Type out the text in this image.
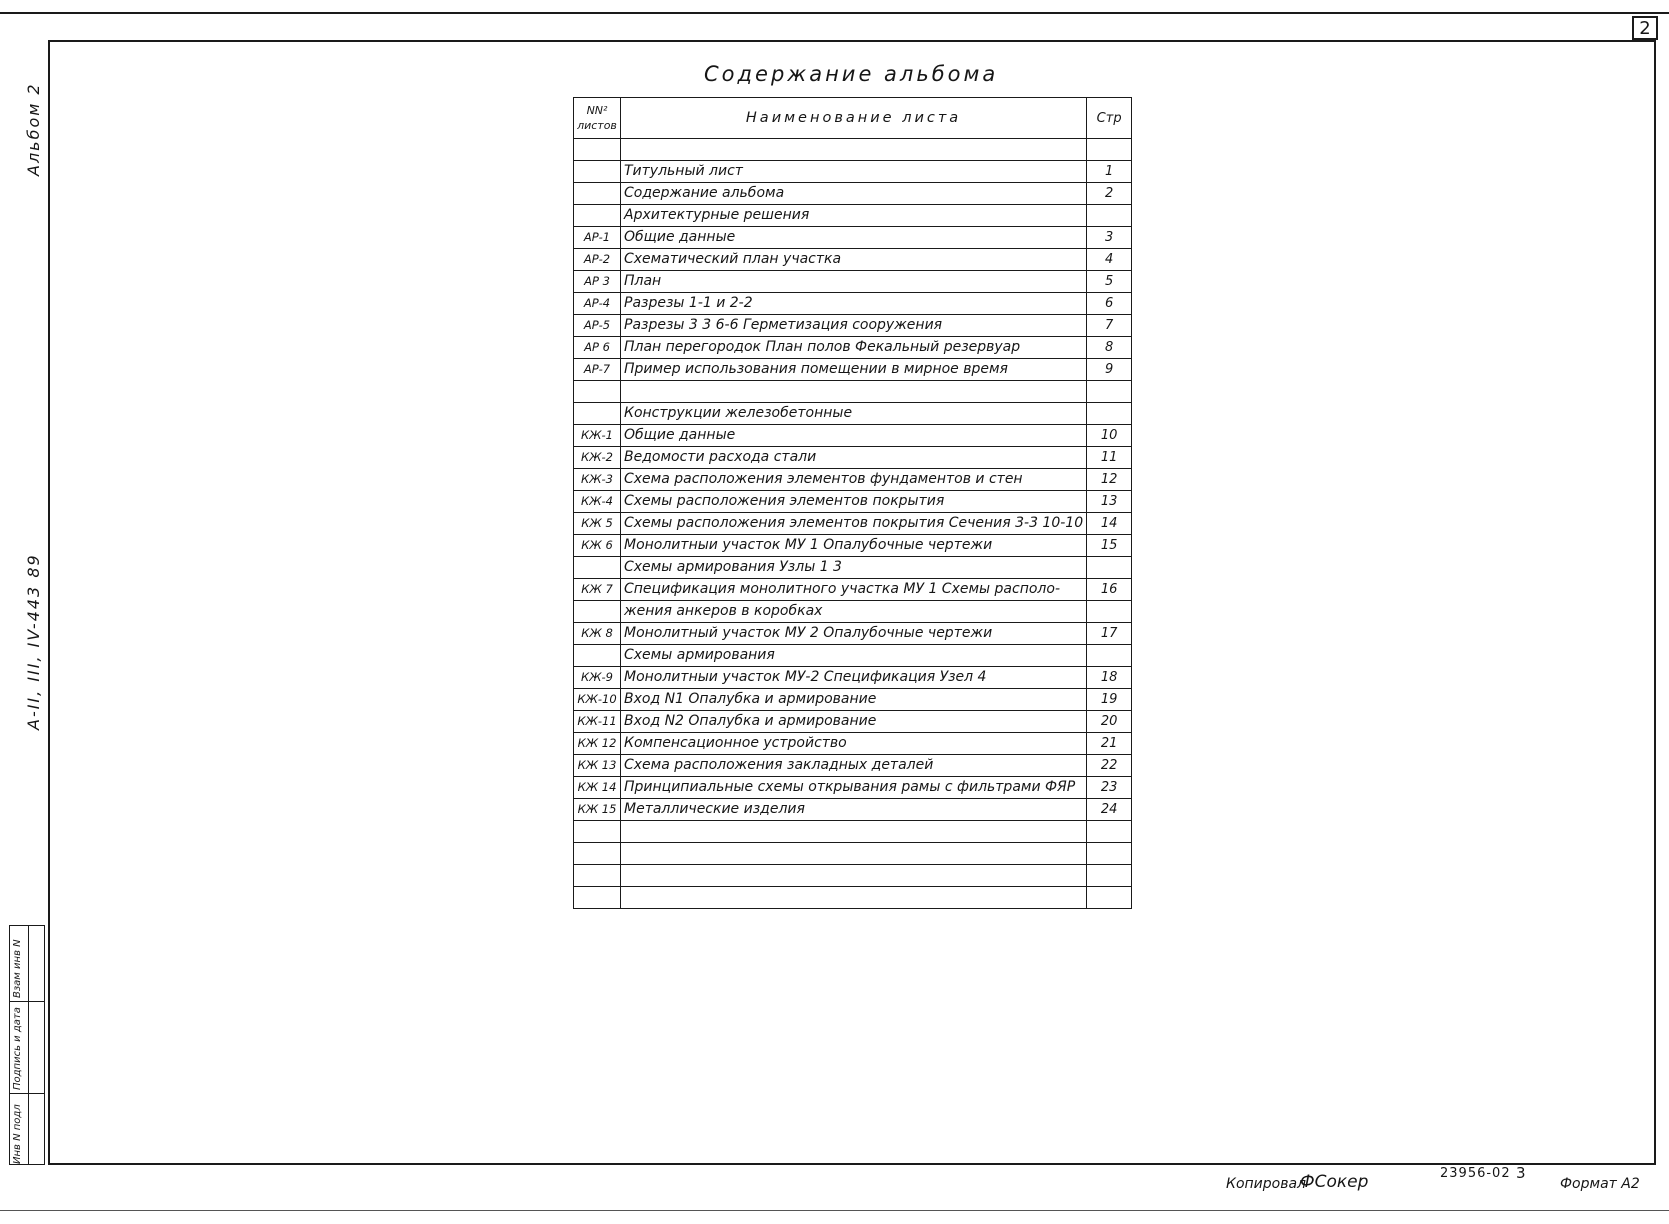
2
Альбом 2
А-II, III, IV-443 89
Инв N подл
Подпись и дата
Взам инв N
Содержание альбома
NN²
листов	Наименование листа	Стр

	Титульный лист	1
	Содержание альбома	2
	Архитектурные решения	
АР-1	Общие данные	3
АР-2	Схематический план участка	4
АР 3	План	5
АР-4	Разрезы 1-1 и 2-2	6
АР-5	Разрезы 3 3 6-6 Герметизация сооружения	7
АР 6	План перегородок План полов Фекальный резервуар	8
АР-7	Пример использования помещении в мирное время	9

	Конструкции железобетонные	
КЖ-1	Общие данные	10
КЖ-2	Ведомости расхода стали	11
КЖ-3	Схема расположения элементов фундаментов и стен	12
КЖ-4	Схемы расположения элементов покрытия	13
КЖ 5	Схемы расположения элементов покрытия Сечения 3-3 10-10	14
КЖ 6	Монолитныи участок МУ 1 Опалубочные чертежи	15
	Схемы армирования Узлы 1 3	
КЖ 7	Спецификация монолитного участка МУ 1 Схемы располо-	16
	жения анкеров в коробках	
КЖ 8	Монолитный участок МУ 2 Опалубочные чертежи	17
	Схемы армирования	
КЖ-9	Монолитныи участок МУ-2 Спецификация Узел 4	18
КЖ-10	Вход N1 Опалубка и армирование	19
КЖ-11	Вход N2 Опалубка и армирование	20
КЖ 12	Компенсационное устройство	21
КЖ 13	Схема расположения закладных деталей	22
КЖ 14	Принципиальные схемы открывания рамы с фильтрами ФЯР	23
КЖ 15	Металлические изделия	24

Копировал
ФСокер	23956-02 3
Формат А2
